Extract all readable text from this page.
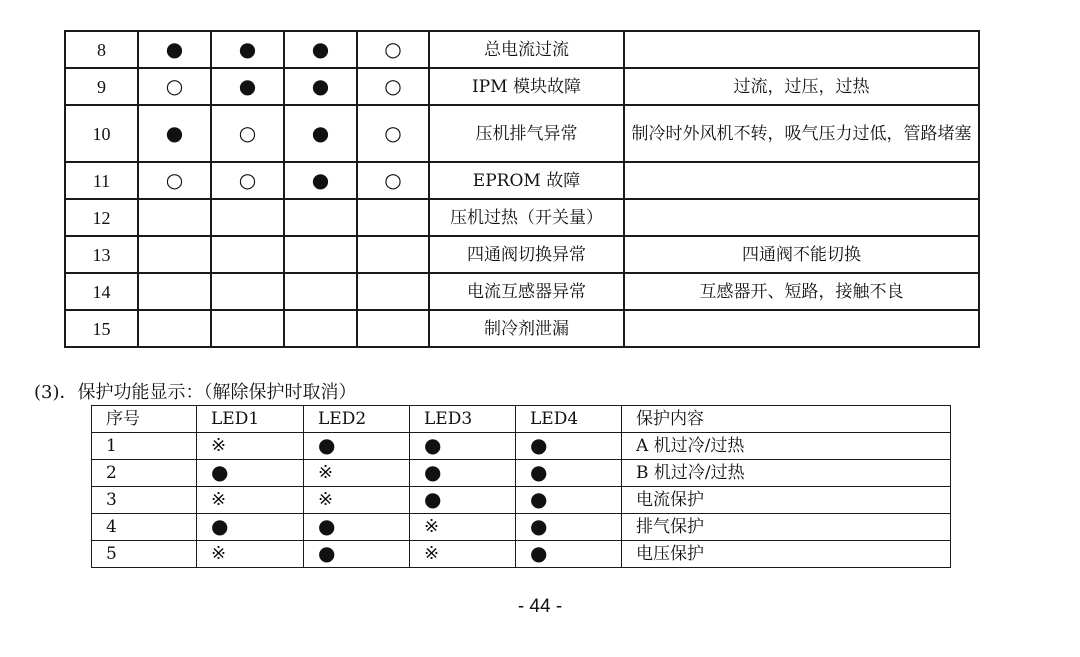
8	●	●	●	○	总电流过流	
9	○	●	●	○	IPM 模块故障	过流，过压，过热
10	●	○	●	○	压机排气异常	制冷时外风机不转，吸气压力过低，管路堵塞
11	○	○	●	○	EPROM 故障	
12					压机过热（开关量）	
13					四通阀切换异常	四通阀不能切换
14					电流互感器异常	互感器开、短路，接触不良
15					制冷剂泄漏	
(3)．保护功能显示：（解除保护时取消）
序号	LED1	LED2	LED3	LED4	保护内容
1	※	●	●	●	A 机过冷/过热
2	●	※	●	●	B 机过冷/过热
3	※	※	●	●	电流保护
4	●	●	※	●	排气保护
5	※	●	※	●	电压保护
- 44 -
